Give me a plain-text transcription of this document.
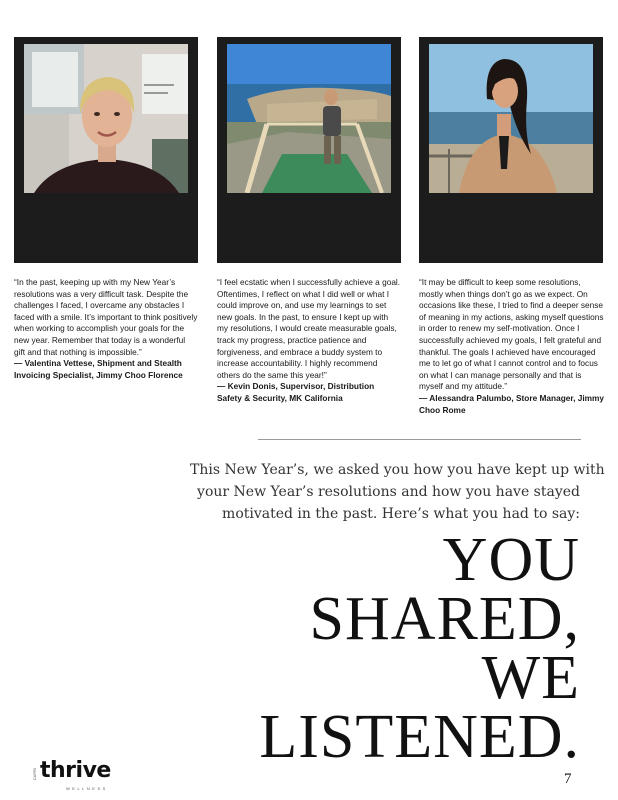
“In the past, keeping up with my New Year’s resolutions was a very difficult task. Despite the challenges I faced, I overcame any obstacles I faced with a smile. It’s important to think positively when working to accomplish your goals for the new year. Remember that today is a wonderful gift and that nothing is impossible.”

— Valentina Vettese, Shipment and Stealth Invoicing Specialist, Jimmy Choo Florence

“I feel ecstatic when I successfully achieve a goal. Oftentimes, I reflect on what I did well or what I could improve on, and use my learnings to set new goals. In the past, to ensure I kept up with my resolutions, I would create measurable goals, track my progress, practice patience and forgiveness, and embrace a buddy system to increase accountability. I highly recommend others do the same this year!”

— Kevin Donis, Supervisor, Distribution Safety & Security, MK California

“It may be difficult to keep some resolutions, mostly when things don’t go as we expect. On occasions like these, I tried to find a deeper sense of meaning in my actions, asking myself questions in order to renew my self-motivation. Once I successfully achieved my goals, I felt grateful and thankful. The goals I achieved have encouraged me to let go of what I cannot control and to focus on what I can manage personally and that is myself and my attitude.”

— Alessandra Palumbo, Store Manager, Jimmy Choo Rome

This New Year’s, we asked you how you have kept up with
your New Year’s resolutions and how you have stayed
motivated in the past. Here’s what you had to say:
YOU
SHARED,
WE
LISTENED.
CAPRI thrive
WELLNESS
7
